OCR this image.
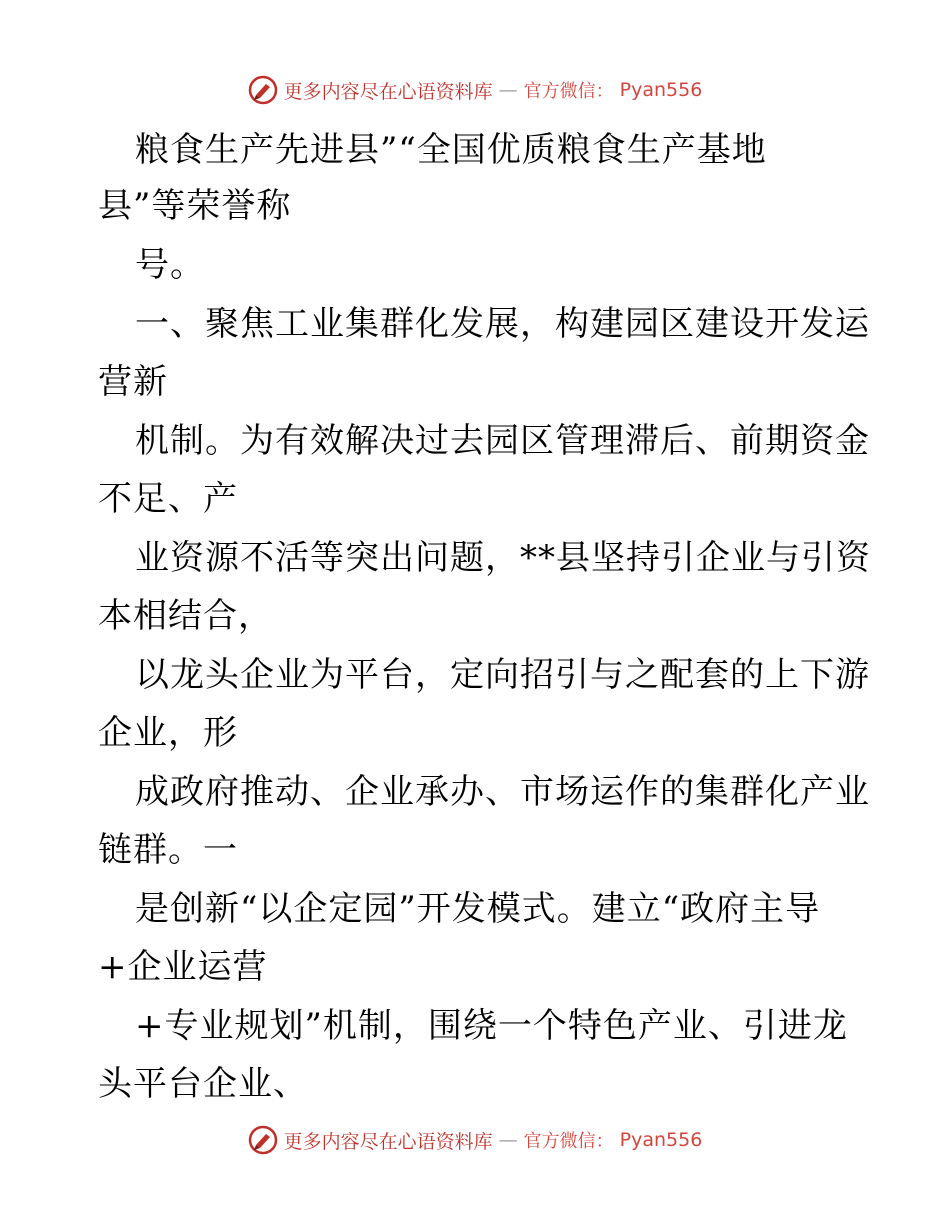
更多内容尽在心语资料库 — 官方微信： Pyan556
粮食生产先进县”“全国优质粮食生产基地
县”等荣誉称
号。
一、聚焦工业集群化发展，构建园区建设开发运
营新
机制。为有效解决过去园区管理滞后、前期资金
不足、产
业资源不活等突出问题，**县坚持引企业与引资
本相结合，
以龙头企业为平台，定向招引与之配套的上下游
企业，形
成政府推动、企业承办、市场运作的集群化产业
链群。一
是创新“以企定园”开发模式。建立“政府主导
+企业运营
+专业规划”机制，围绕一个特色产业、引进龙
头平台企业、
更多内容尽在心语资料库 — 官方微信： Pyan556
